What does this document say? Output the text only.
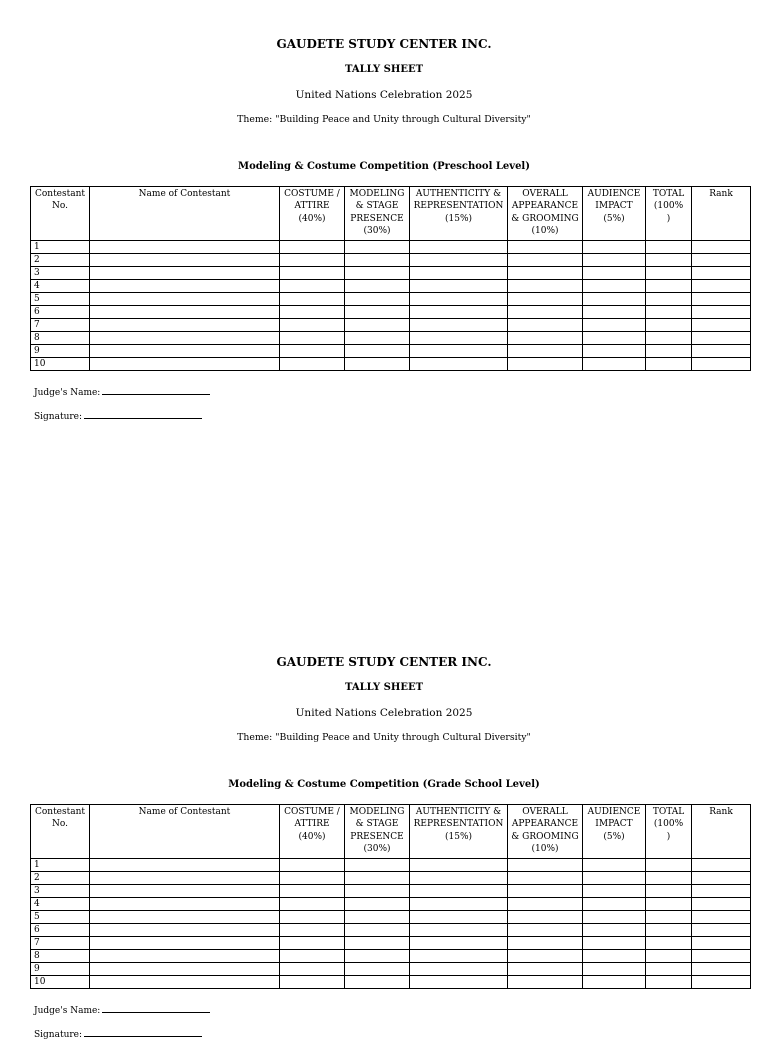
GAUDETE STUDY CENTER INC.
TALLY SHEET
United Nations Celebration 2025
Theme: "Building Peace and Unity through Cultural Diversity"
Modeling & Costume Competition (Preschool Level)
Contestant
No.	Name of Contestant	COSTUME /
ATTIRE
(40%)	MODELING
& STAGE
PRESENCE
(30%)	AUTHENTICITY &
REPRESENTATION
(15%)	OVERALL
APPEARANCE
& GROOMING
(10%)	AUDIENCE
IMPACT
(5%)	TOTAL
(100%
)	Rank
1								
2								
3								
4								
5								
6								
7								
8								
9								
10								
Judge's Name:
Signature:
GAUDETE STUDY CENTER INC.
TALLY SHEET
United Nations Celebration 2025
Theme: "Building Peace and Unity through Cultural Diversity"
Modeling & Costume Competition (Grade School Level)
Contestant
No.	Name of Contestant	COSTUME /
ATTIRE
(40%)	MODELING
& STAGE
PRESENCE
(30%)	AUTHENTICITY &
REPRESENTATION
(15%)	OVERALL
APPEARANCE
& GROOMING
(10%)	AUDIENCE
IMPACT
(5%)	TOTAL
(100%
)	Rank
1								
2								
3								
4								
5								
6								
7								
8								
9								
10								
Judge's Name:
Signature:
